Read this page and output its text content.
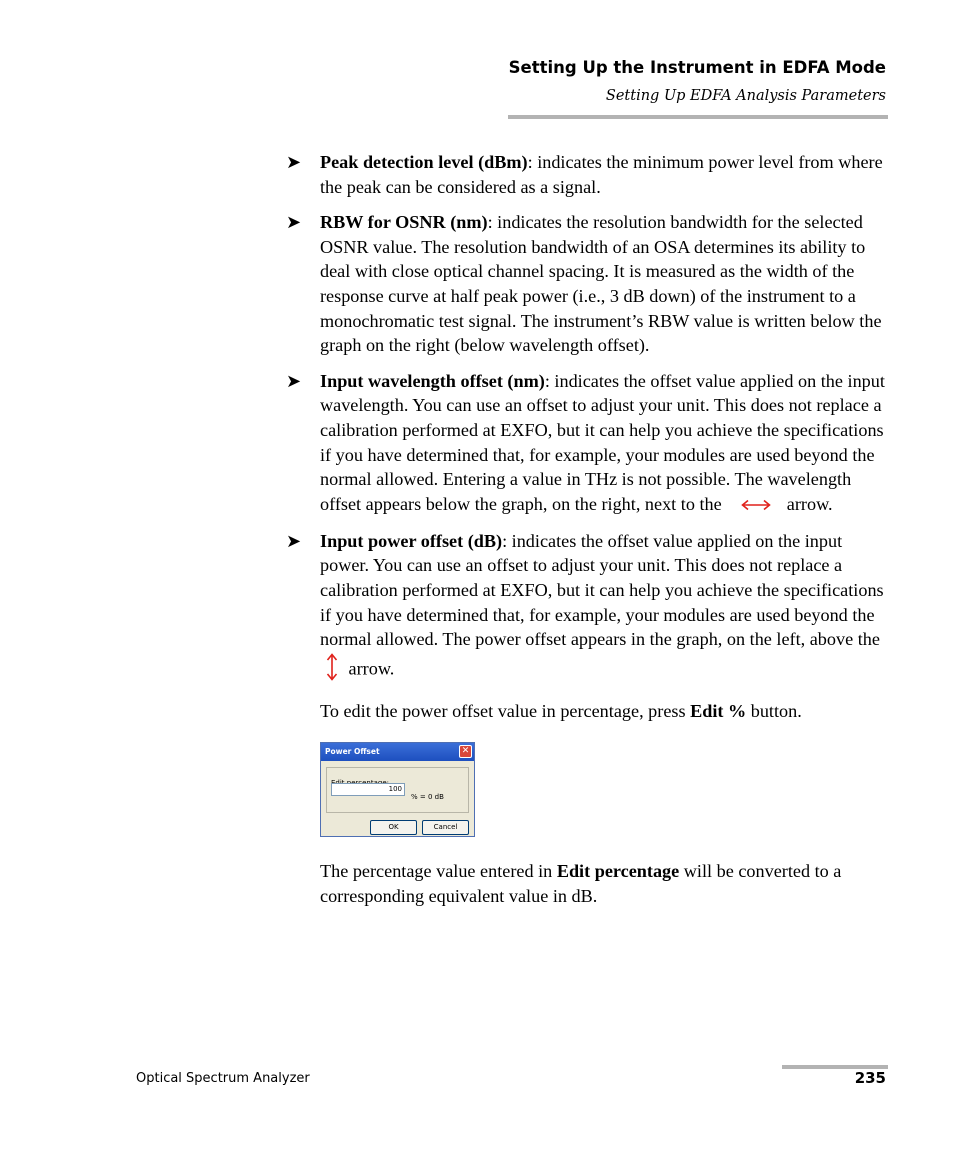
Setting Up the Instrument in EDFA Mode
Setting Up EDFA Analysis Parameters
➤ Peak detection level (dBm): indicates the minimum power level from where the peak can be considered as a signal.

➤ RBW for OSNR (nm): indicates the resolution bandwidth for the selected OSNR value. The resolution bandwidth of an OSA determines its ability to deal with close optical channel spacing. It is measured as the width of the response curve at half peak power (i.e., 3 dB down) of the instrument to a monochromatic test signal. The instrument’s RBW value is written below the graph on the right (below wavelength offset).

➤ Input wavelength offset (nm): indicates the offset value applied on the input wavelength. You can use an offset to adjust your unit. This does not replace a calibration performed at EXFO, but it can help you achieve the specifications if you have determined that, for example, your modules are used beyond the normal allowed. Entering a value in THz is not possible. The wavelength offset appears below the graph, on the right, next to the	arrow.

➤ Input power offset (dB): indicates the offset value applied on the input power. You can use an offset to adjust your unit. This does not replace a calibration performed at EXFO, but it can help you achieve the specifications if you have determined that, for example, your modules are used beyond the normal allowed. The power offset appears in the graph, on the left, above the  arrow.

To edit the power offset value in percentage, press Edit % button.

Power Offset	✕
100
% = 0 dB
OK	Cancel

The percentage value entered in Edit percentage will be converted to a corresponding equivalent value in dB.

Optical Spectrum Analyzer	235
